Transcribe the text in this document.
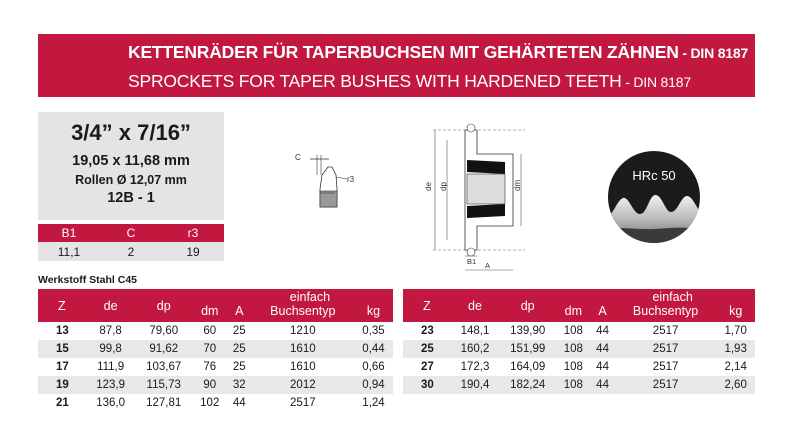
KETTENRÄDER FÜR TAPERBUCHSEN MIT GEHÄRTETEN ZÄHNEN - DIN 8187
SPROCKETS FOR TAPER BUSHES WITH HARDENED TEETH - DIN 8187
3/4” x 7/16”
19,05 x 11,68 mm
Rollen Ø 12,07 mm
12B - 1
B1	C	r3
11,1	2	19
Werkstoff Stahl C45
C
r3
de dp	dm
B1 A
HRc 50
Z	de	dp		einfach		
			dm	A	Buchsentyp	kg
13	87,8	79,60	60	25	1210	0,35
15	99,8	91,62	70	25	1610	0,44
17	111,9	103,67	76	25	1610	0,66
19	123,9	115,73	90	32	2012	0,94
21	136,0	127,81	102	44	2517	1,24
Z	de	dp		einfach		
			dm	A	Buchsentyp	kg
23	148,1	139,90	108	44	2517	1,70
25	160,2	151,99	108	44	2517	1,93
27	172,3	164,09	108	44	2517	2,14
30	190,4	182,24	108	44	2517	2,60
